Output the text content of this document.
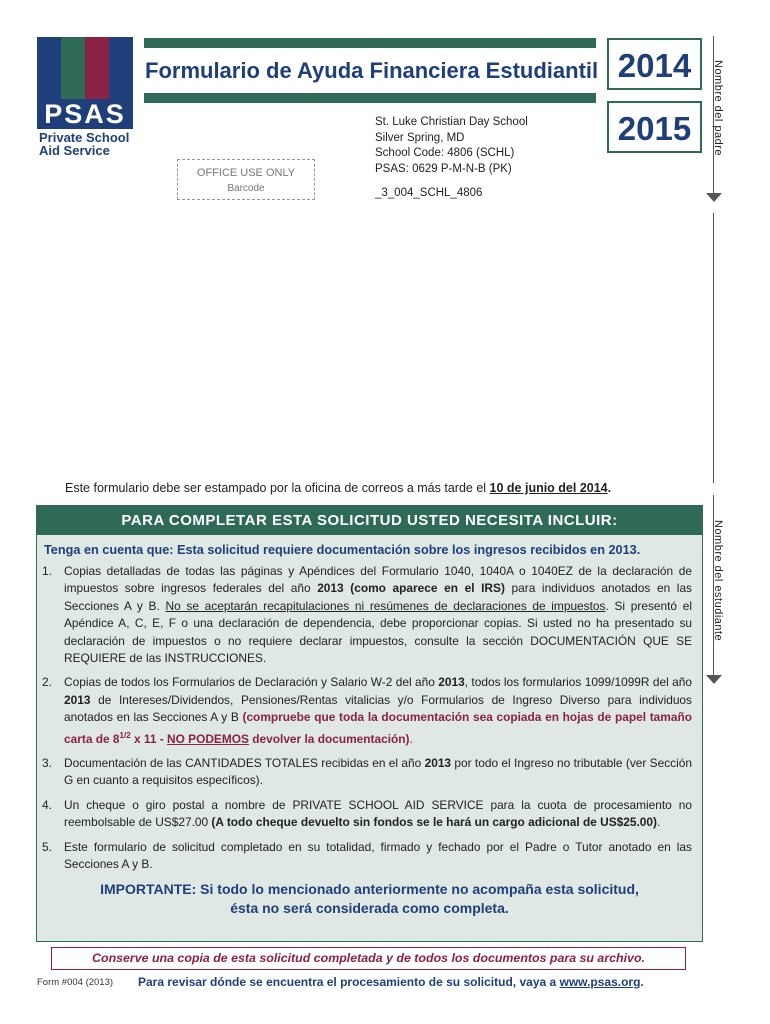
PSAS
Private School
Aid Service
Formulario de Ayuda Financiera Estudiantil 2014
2015
St. Luke Christian Day School
Silver Spring, MD
School Code: 4806 (SCHL)
PSAS: 0629 P-M-N-B (PK)
_3_004_SCHL_4806
OFFICE USE ONLY
Barcode
Nombre del padre
Nombre del estudiante
Este formulario debe ser estampado por la oficina de correos a más tarde el 10 de junio del 2014.
PARA COMPLETAR ESTA SOLICITUD USTED NECESITA INCLUIR:
Tenga en cuenta que: Esta solicitud requiere documentación sobre los ingresos recibidos en 2013.
1.	Copias detalladas de todas las páginas y Apéndices del Formulario 1040, 1040A o 1040EZ de la declaración de impuestos sobre ingresos federales del año 2013 (como aparece en el IRS) para individuos anotados en las Secciones A y B. No se aceptarán recapitulaciones ni resúmenes de declaraciones de impuestos. Si presentó el Apéndice A, C, E, F o una declaración de dependencia, debe proporcionar copias. Si usted no ha presentado su declaración de impuestos o no requiere declarar impuestos, consulte la sección DOCUMENTACIÓN QUE SE REQUIERE de las INSTRUCCIONES.
2.	Copias de todos los Formularios de Declaración y Salario W-2 del año 2013, todos los formularios 1099/1099R del año 2013 de Intereses/Dividendos, Pensiones/Rentas vitalicias y/o Formularios de Ingreso Diverso para individuos anotados en las Secciones A y B (compruebe que toda la documentación sea copiada en hojas de papel tamaño carta de $8^{1/2}$ x 11 - NO PODEMOS devolver la documentación).
3.	Documentación de las CANTIDADES TOTALES recibidas en el año 2013 por todo el Ingreso no tributable (ver Sección G en cuanto a requisitos específicos).
4.	Un cheque o giro postal a nombre de PRIVATE SCHOOL AID SERVICE para la cuota de procesamiento no reembolsable de US$27.00 (A todo cheque devuelto sin fondos se le hará un cargo adicional de US$25.00).
5.	Este formulario de solicitud completado en su totalidad, firmado y fechado por el Padre o Tutor anotado en las Secciones A y B.
IMPORTANTE: Si todo lo mencionado anteriormente no acompaña esta solicitud,
ésta no será considerada como completa.
Conserve una copia de esta solicitud completada y de todos los documentos para su archivo.
Form #004 (2013) Para revisar dónde se encuentra el procesamiento de su solicitud, vaya a www.psas.org.
